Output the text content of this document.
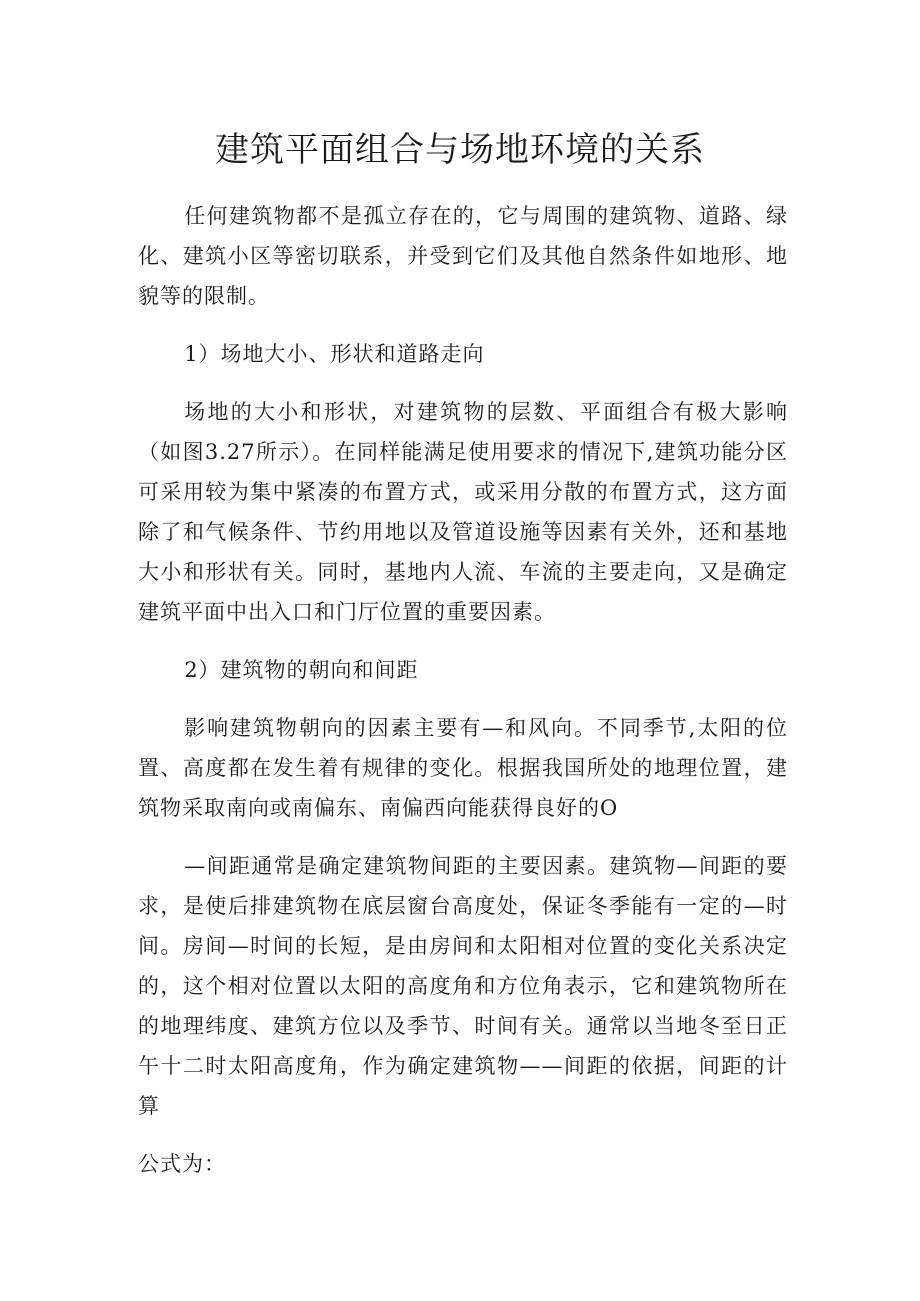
建筑平面组合与场地环境的关系

任何建筑物都不是孤立存在的，它与周围的建筑物、道路、绿化、建筑小区等密切联系，并受到它们及其他自然条件如地形、地貌等的限制。

1）场地大小、形状和道路走向

场地的大小和形状，对建筑物的层数、平面组合有极大影响（如图3.27所示）。在同样能满足使用要求的情况下,建筑功能分区可采用较为集中紧凑的布置方式，或采用分散的布置方式，这方面除了和气候条件、节约用地以及管道设施等因素有关外，还和基地大小和形状有关。同时，基地内人流、车流的主要走向，又是确定建筑平面中出入口和门厅位置的重要因素。

2）建筑物的朝向和间距

影响建筑物朝向的因素主要有—和风向。不同季节,太阳的位置、高度都在发生着有规律的变化。根据我国所处的地理位置，建筑物采取南向或南偏东、南偏西向能获得良好的O

—间距通常是确定建筑物间距的主要因素。建筑物—间距的要求，是使后排建筑物在底层窗台高度处，保证冬季能有一定的—时间。房间—时间的长短，是由房间和太阳相对位置的变化关系决定的，这个相对位置以太阳的高度角和方位角表示，它和建筑物所在的地理纬度、建筑方位以及季节、时间有关。通常以当地冬至日正午十二时太阳高度角，作为确定建筑物——间距的依据，间距的计算

公式为：
